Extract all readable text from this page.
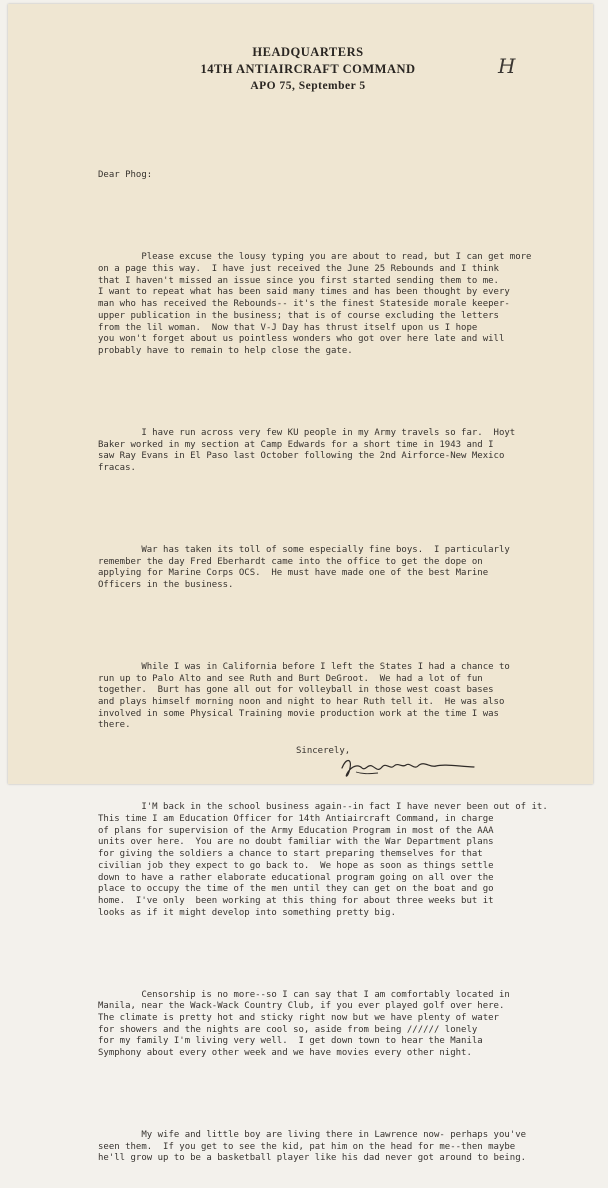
HEADQUARTERS
14TH ANTIAIRCRAFT COMMAND
APO 75, September 5
H

Dear Phog:

Please excuse the lousy typing you are about to read, but I can get more
on a page this way.  I have just received the June 25 Rebounds and I think
that I haven't missed an issue since you first started sending them to me.
I want to repeat what has been said many times and has been thought by every
man who has received the Rebounds-- it's the finest Stateside morale keeper-
upper publication in the business; that is of course excluding the letters
from the lil woman.  Now that V-J Day has thrust itself upon us I hope
you won't forget about us pointless wonders who got over here late and will
probably have to remain to help close the gate.

I have run across very few KU people in my Army travels so far.  Hoyt
Baker worked in my section at Camp Edwards for a short time in 1943 and I
saw Ray Evans in El Paso last October following the 2nd Airforce-New Mexico
fracas.

War has taken its toll of some especially fine boys.  I particularly
remember the day Fred Eberhardt came into the office to get the dope on
applying for Marine Corps OCS.  He must have made one of the best Marine
Officers in the business.

While I was in California before I left the States I had a chance to
run up to Palo Alto and see Ruth and Burt DeGroot.  We had a lot of fun
together.  Burt has gone all out for volleyball in those west coast bases
and plays himself morning noon and night to hear Ruth tell it.  He was also
involved in some Physical Training movie production work at the time I was
there.

I'M back in the school business again--in fact I have never been out of it.
This time I am Education Officer for 14th Antiaircraft Command, in charge
of plans for supervision of the Army Education Program in most of the AAA
units over here.  You are no doubt familiar with the War Department plans
for giving the soldiers a chance to start preparing themselves for that
civilian job they expect to go back to.  We hope as soon as things settle
down to have a rather elaborate educational program going on all over the
place to occupy the time of the men until they can get on the boat and go
home.  I've only  been working at this thing for about three weeks but it
looks as if it might develop into something pretty big.

Censorship is no more--so I can say that I am comfortably located in
Manila, near the Wack-Wack Country Club, if you ever played golf over here.
The climate is pretty hot and sticky right now but we have plenty of water
for showers and the nights are cool so, aside from being ////// lonely
for my family I'm living very well.  I get down town to hear the Manila
Symphony about every other week and we have movies every other night.

My wife and little boy are living there in Lawrence now- perhaps you've
seen them.  If you get to see the kid, pat him on the head for me--then maybe
he'll grow up to be a basketball player like his dad never got around to being.

Sincerely,
